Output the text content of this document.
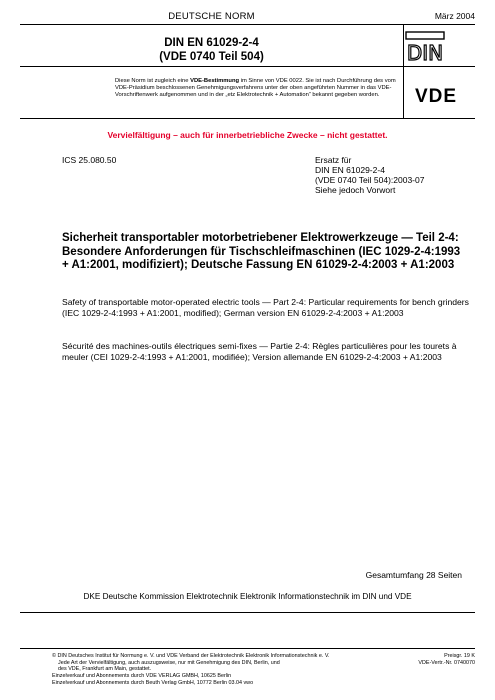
DEUTSCHE NORM	März 2004
DIN EN 61029-2-4
(VDE 0740 Teil 504)	DIN
Diese Norm ist zugleich eine VDE-Bestimmung im Sinne von VDE 0022. Sie ist nach Durchführung des vom VDE-Präsidium beschlossenen Genehmigungsverfahrens unter der oben angeführten Nummer in das VDE-Vorschriftenwerk aufgenommen und in der „etz Elektrotechnik + Automation“ bekannt gegeben worden.	VDE
Vervielfältigung – auch für innerbetriebliche Zwecke – nicht gestattet.
ICS 25.080.50	Ersatz für
DIN EN 61029-2-4
(VDE 0740 Teil 504):2003-07
Siehe jedoch Vorwort
Sicherheit transportabler motorbetriebener Elektrowerkzeuge — Teil 2-4: Besondere Anforderungen für Tischschleifmaschinen (IEC 1029-2-4:1993 + A1:2001, modifiziert); Deutsche Fassung EN 61029-2-4:2003 + A1:2003
Safety of transportable motor-operated electric tools — Part 2-4: Particular requirements for bench grinders (IEC 1029-2-4:1993 + A1:2001, modified); German version EN 61029-2-4:2003 + A1:2003
Sécurité des machines-outils électriques semi-fixes — Partie 2-4: Règles particulières pour les tourets à meuler (CEI 1029-2-4:1993 + A1:2001, modifiée); Version allemande EN 61029-2-4:2003 + A1:2003
Gesamtumfang 28 Seiten
DKE Deutsche Kommission Elektrotechnik Elektronik Informationstechnik im DIN und VDE
© DIN Deutsches Institut für Normung e. V. und VDE Verband der Elektrotechnik Elektronik Informationstechnik e. V.
Jede Art der Vervielfältigung, auch auszugsweise, nur mit Genehmigung des DIN, Berlin, und
des VDE, Frankfurt am Main, gestattet.
Einzelverkauf und Abonnements durch VDE VERLAG GMBH, 10625 Berlin
Einzelverkauf und Abonnements durch Beuth Verlag GmbH, 10772 Berlin 03.04 vwo
Preisgr. 19 K
VDE-Vertr.-Nr. 0740070
